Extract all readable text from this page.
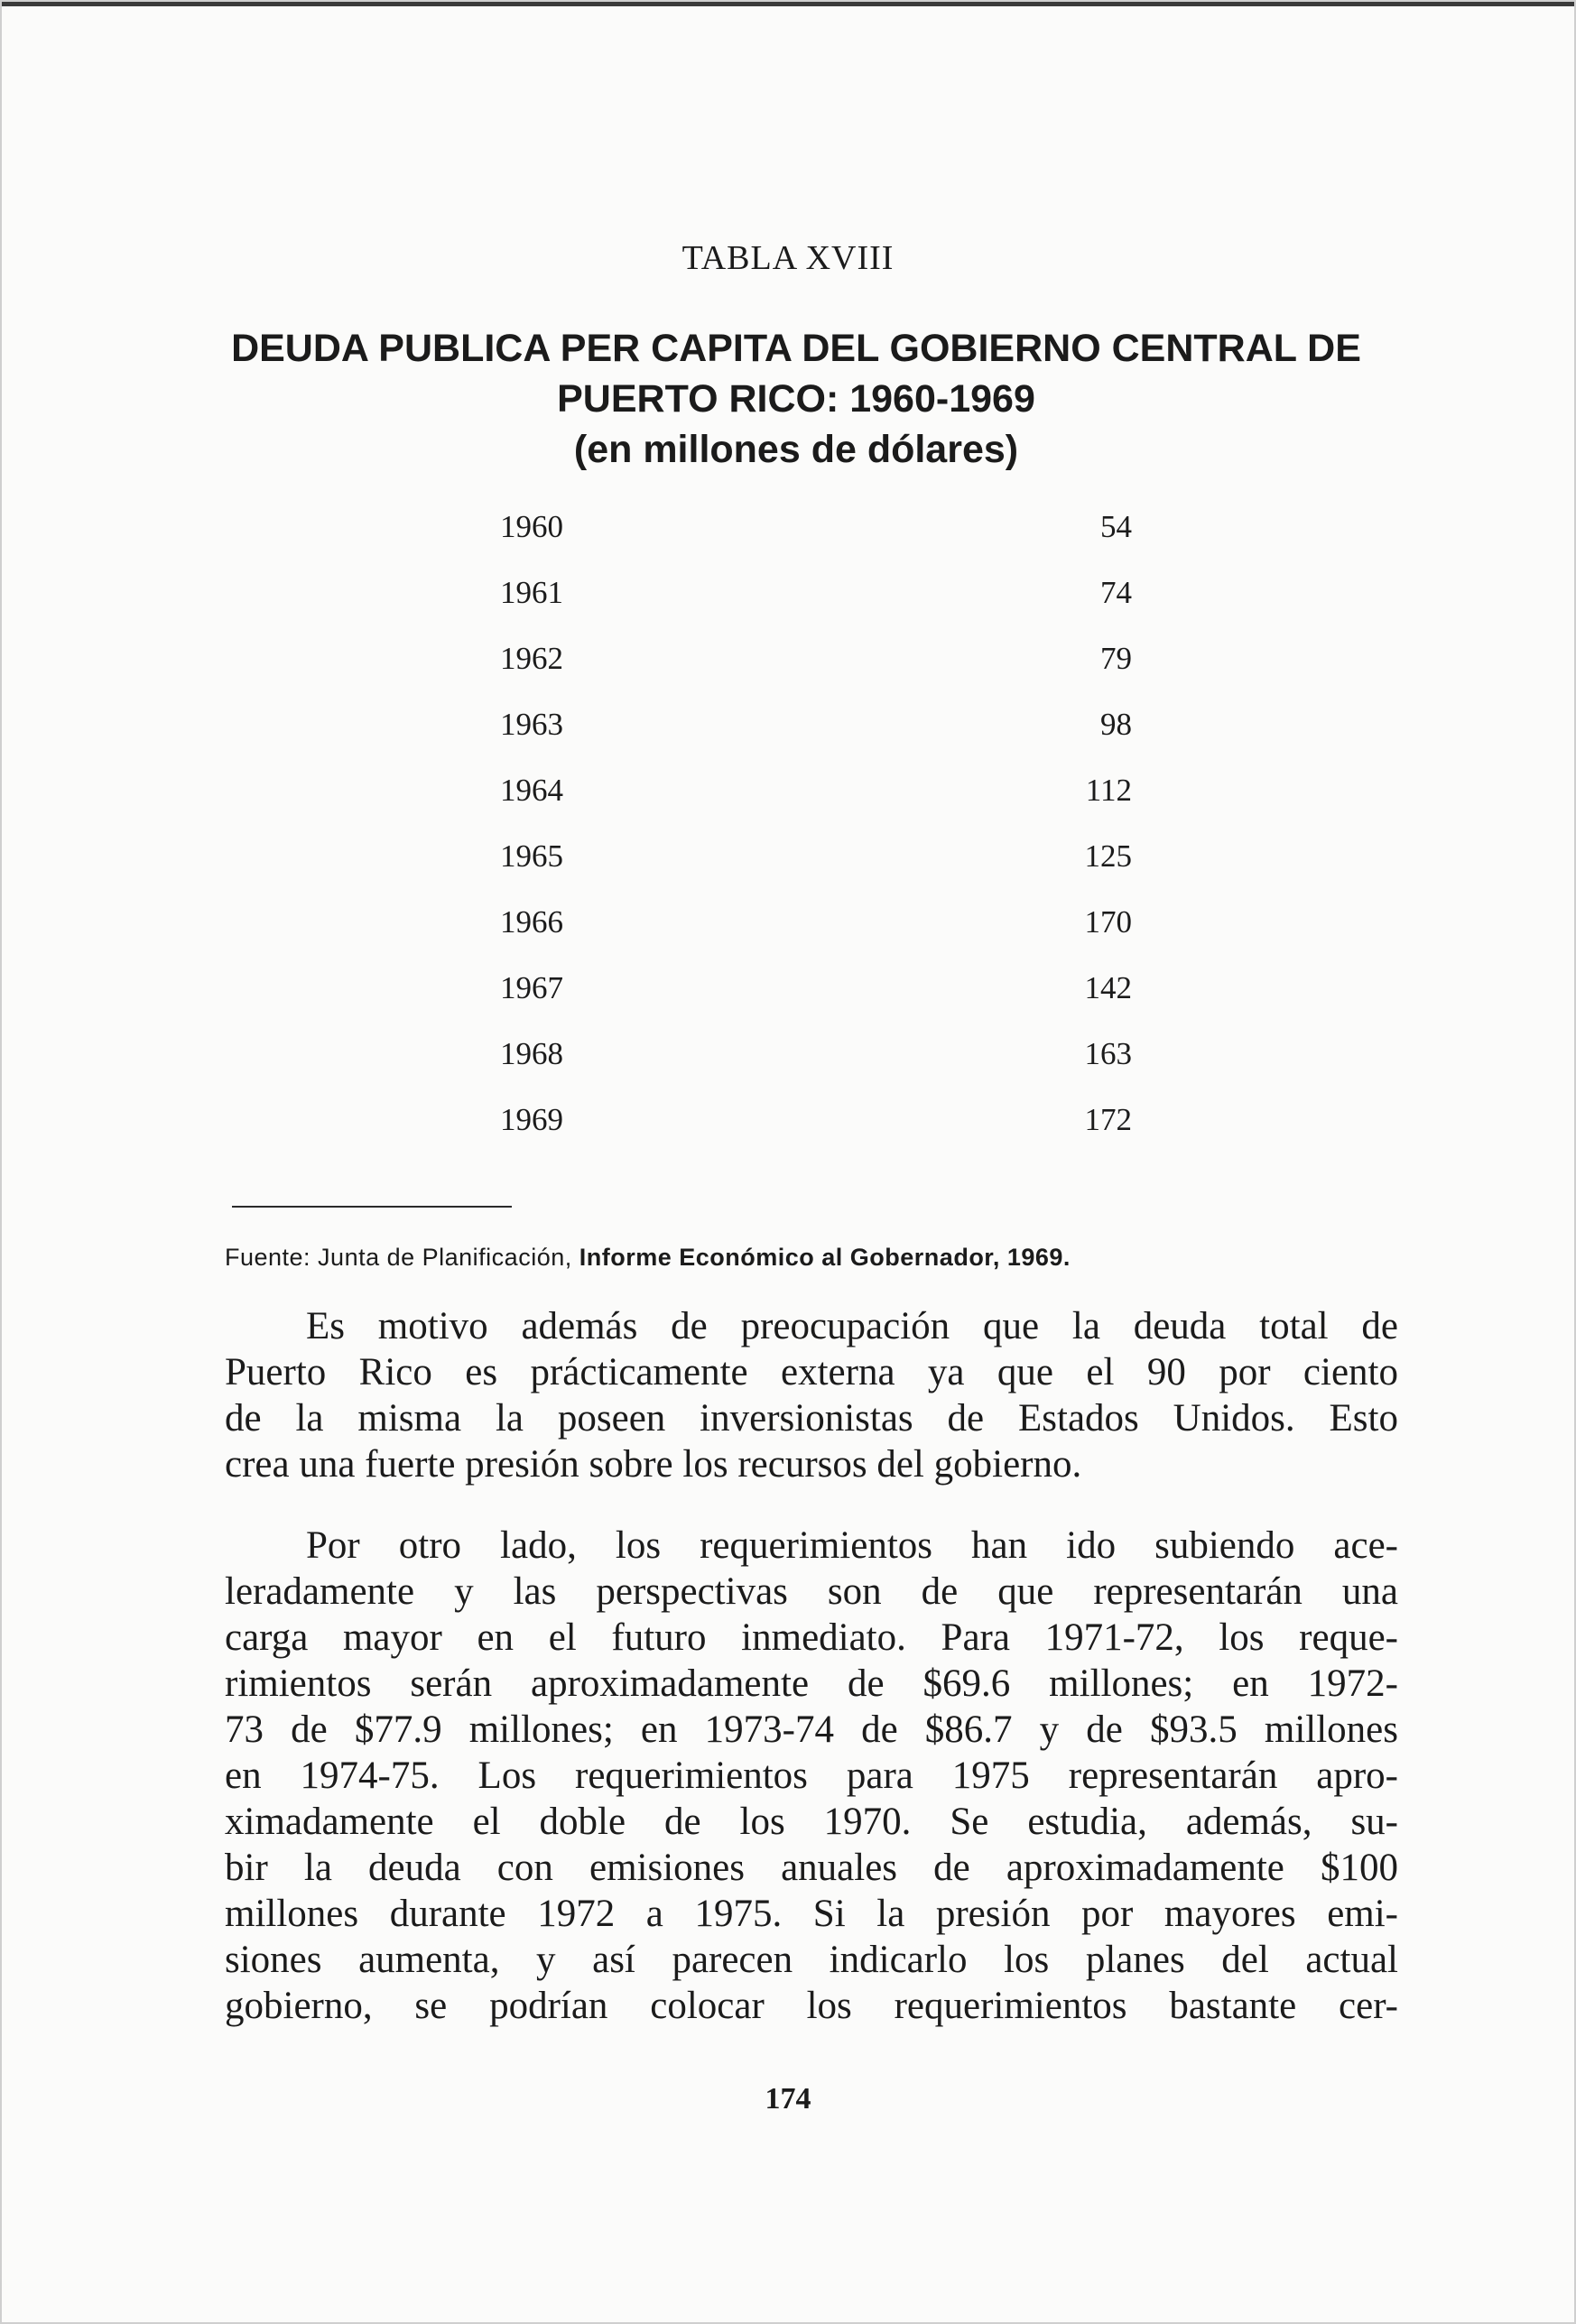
TABLA XVIII
DEUDA PUBLICA PER CAPITA DEL GOBIERNO CENTRAL DE
PUERTO RICO: 1960-1969
(en millones de dólares)
1960	54
1961	74
1962	79
1963	98
1964	112
1965	125
1966	170
1967	142
1968	163
1969	172
Fuente: Junta de Planificación, Informe Económico al Gobernador, 1969.
Es motivo además de preocupación que la deuda total de
Puerto Rico es prácticamente externa ya que el 90 por ciento
de la misma la poseen inversionistas de Estados Unidos. Esto
crea una fuerte presión sobre los recursos del gobierno.
Por otro lado, los requerimientos han ido subiendo ace-
leradamente y las perspectivas son de que representarán una
carga mayor en el futuro inmediato. Para 1971-72, los reque-
rimientos serán aproximadamente de $69.6 millones; en 1972-
73 de $77.9 millones; en 1973-74 de $86.7 y de $93.5 millones
en 1974-75. Los requerimientos para 1975 representarán apro-
ximadamente el doble de los 1970. Se estudia, además, su-
bir la deuda con emisiones anuales de aproximadamente $100
millones durante 1972 a 1975. Si la presión por mayores emi-
siones aumenta, y así parecen indicarlo los planes del actual
gobierno, se podrían colocar los requerimientos bastante cer-
174
